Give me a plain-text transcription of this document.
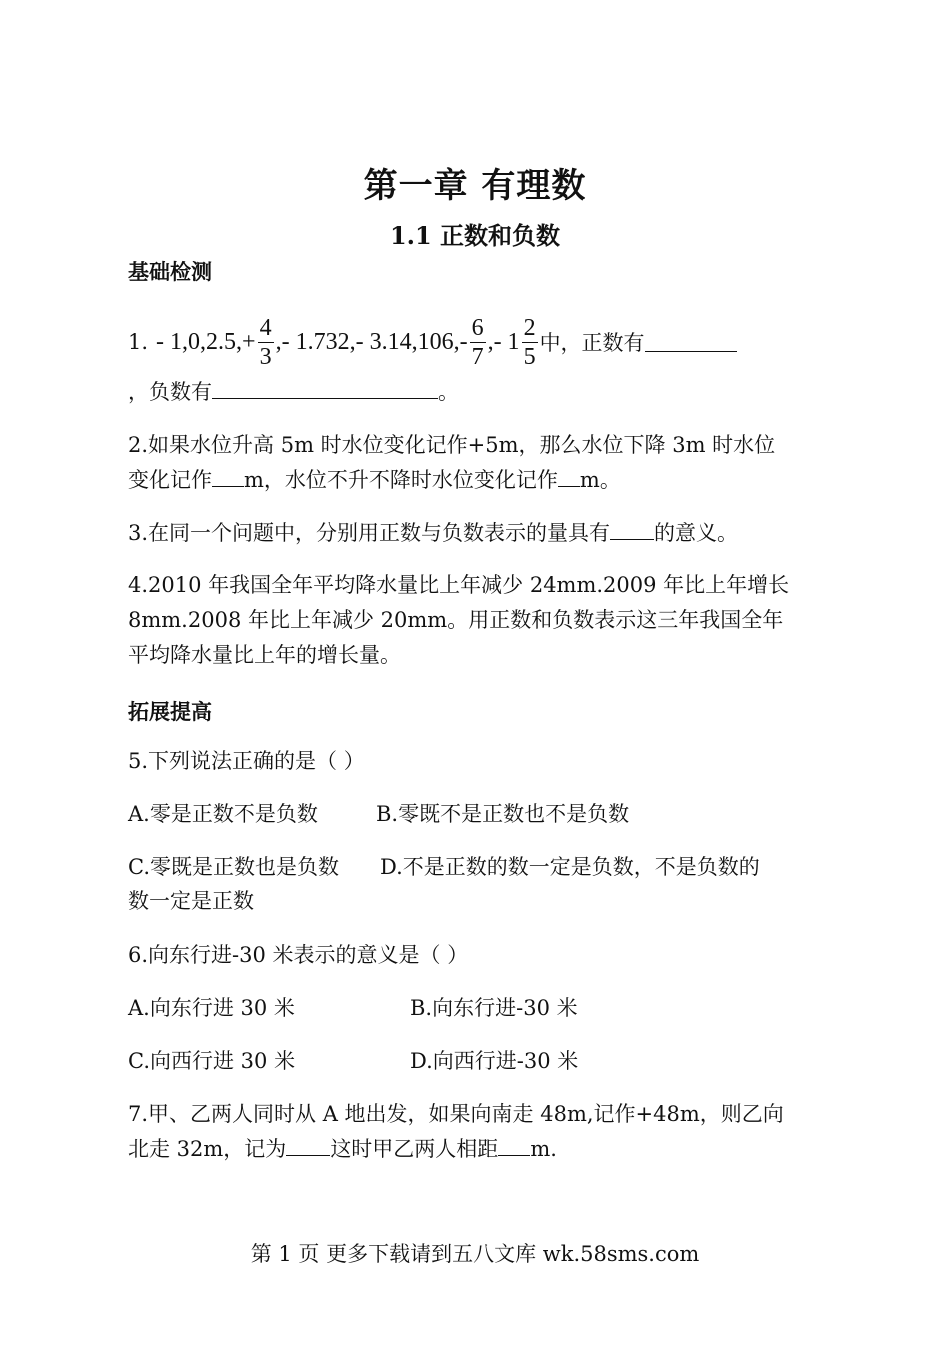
第一章 有理数
1.1 正数和负数
基础检测
1. - $1,0,2.5,+ \frac{4}{3}$ ,- 1.732,- $3.14,106,- \frac{6}{7}$ ,- $1 \frac{2}{5}$ 中，正数有
，负数有	。
2.如果水位升高 5m 时水位变化记作+5m，那么水位下降 3m 时水位
变化记作 m，水位不升不降时水位变化记作 m。
3.在同一个问题中，分别用正数与负数表示的量具有 的意义。
4.2010 年我国全年平均降水量比上年减少 24mm.2009 年比上年增长
8mm.2008 年比上年减少 20mm。用正数和负数表示这三年我国全年
平均降水量比上年的增长量。
拓展提高
5.下列说法正确的是（ ）
A.零是正数不是负数	B.零既不是正数也不是负数
C.零既是正数也是负数 D.不是正数的数一定是负数，不是负数的
数一定是正数
6.向东行进-30 米表示的意义是（ ）
A.向东行进 30 米	B.向东行进-30 米
C.向西行进 30 米	D.向西行进-30 米
7.甲、乙两人同时从 A 地出发，如果向南走 48m,记作+48m，则乙向
北走 32m，记为 这时甲乙两人相距 m.
第 1 页 更多下载请到五八文库 wk.58sms.com
